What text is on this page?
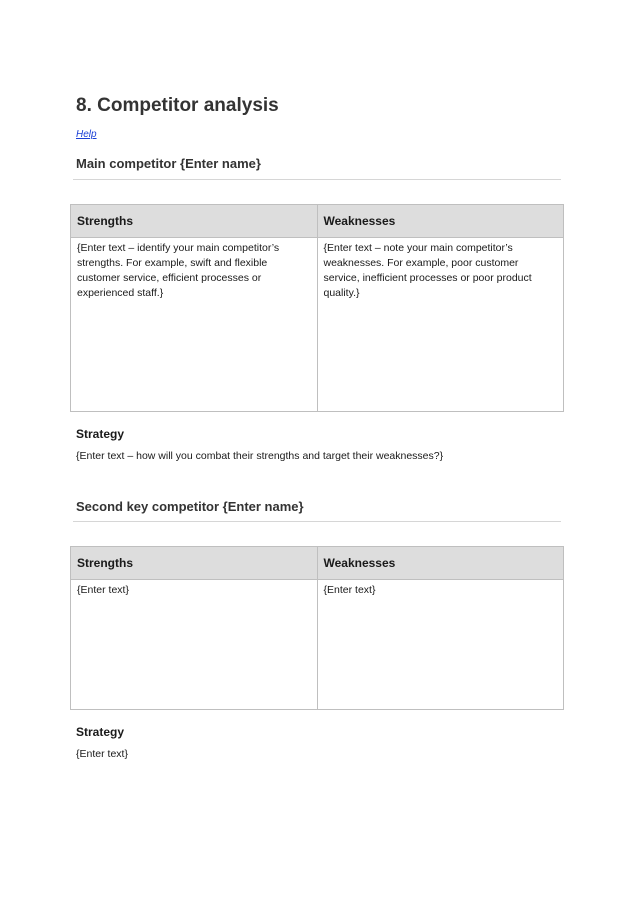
8. Competitor analysis
Help
Main competitor {Enter name}
Strengths	Weaknesses
{Enter text – identify your main competitor’s strengths. For example, swift and flexible customer service, efficient processes or experienced staff.}	{Enter text – note your main competitor’s weaknesses. For example, poor customer service, inefficient processes or poor product quality.}
Strategy

{Enter text – how will you combat their strengths and target their weaknesses?}

Second key competitor {Enter name}
Strengths	Weaknesses
{Enter text}	{Enter text}
Strategy

{Enter text}
